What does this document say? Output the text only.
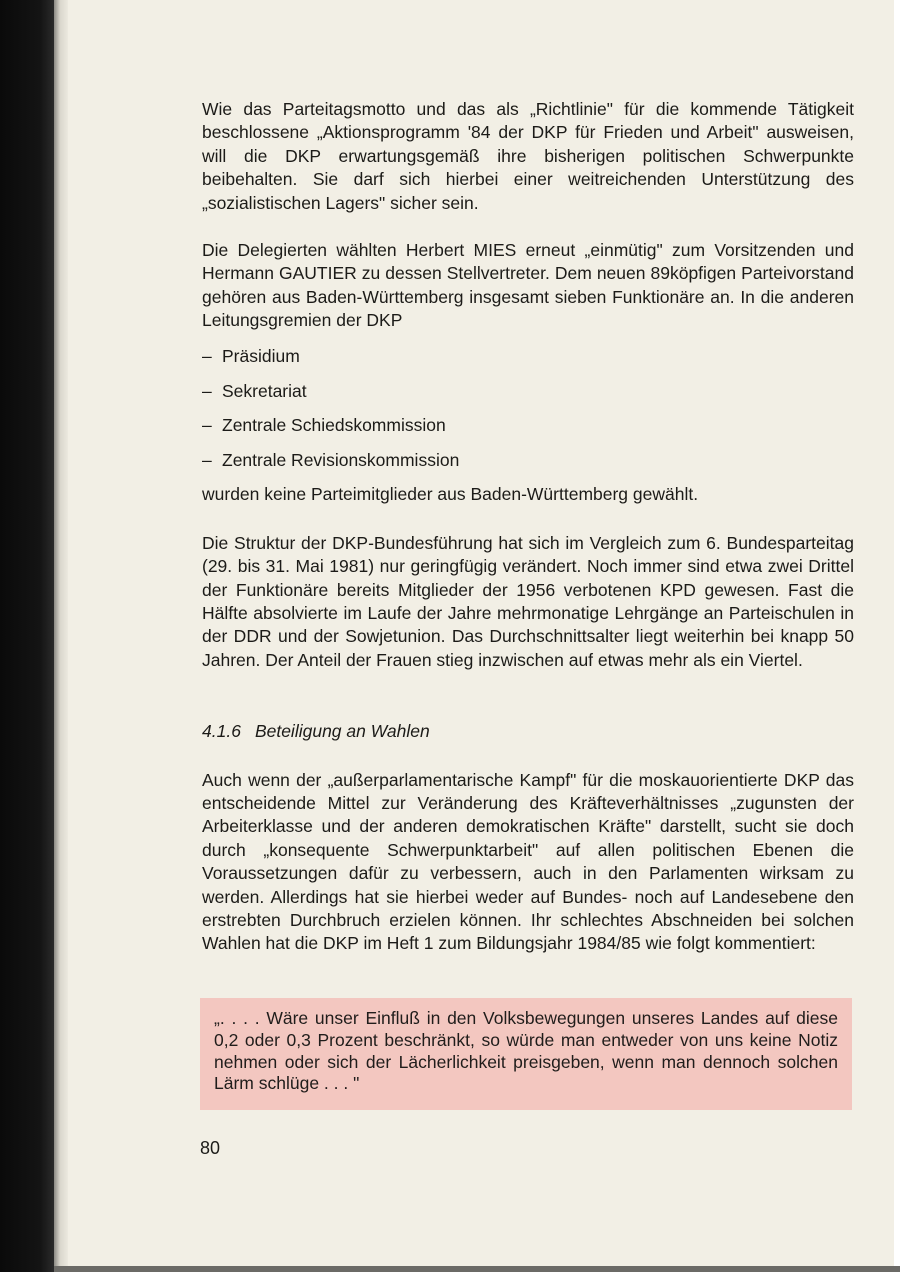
Wie das Parteitagsmotto und das als „Richtlinie" für die kommende Tätigkeit beschlossene „Aktionsprogramm '84 der DKP für Frieden und Arbeit" ausweisen, will die DKP erwartungsgemäß ihre bisherigen politischen Schwerpunkte beibehalten. Sie darf sich hierbei einer weitreichenden Unterstützung des „sozialistischen Lagers" sicher sein.

Die Delegierten wählten Herbert MIES erneut „einmütig" zum Vorsitzenden und Hermann GAUTIER zu dessen Stellvertreter. Dem neuen 89köpfigen Parteivorstand gehören aus Baden-Württemberg insgesamt sieben Funktionäre an. In die anderen Leitungsgremien der DKP

– Präsidium
– Sekretariat
– Zentrale Schiedskommission
– Zentrale Revisionskommission

wurden keine Parteimitglieder aus Baden-Württemberg gewählt.

Die Struktur der DKP-Bundesführung hat sich im Vergleich zum 6. Bundesparteitag (29. bis 31. Mai 1981) nur geringfügig verändert. Noch immer sind etwa zwei Drittel der Funktionäre bereits Mitglieder der 1956 verbotenen KPD gewesen. Fast die Hälfte absolvierte im Laufe der Jahre mehrmonatige Lehrgänge an Parteischulen in der DDR und der Sowjetunion. Das Durchschnittsalter liegt weiterhin bei knapp 50 Jahren. Der Anteil der Frauen stieg inzwischen auf etwas mehr als ein Viertel.

4.1.6 Beteiligung an Wahlen

Auch wenn der „außerparlamentarische Kampf" für die moskauorientierte DKP das entscheidende Mittel zur Veränderung des Kräfteverhältnisses „zugunsten der Arbeiterklasse und der anderen demokratischen Kräfte" darstellt, sucht sie doch durch „konsequente Schwerpunktarbeit" auf allen politischen Ebenen die Voraussetzungen dafür zu verbessern, auch in den Parlamenten wirksam zu werden. Allerdings hat sie hierbei weder auf Bundes- noch auf Landesebene den erstrebten Durchbruch erzielen können. Ihr schlechtes Abschneiden bei solchen Wahlen hat die DKP im Heft 1 zum Bildungsjahr 1984/85 wie folgt kommentiert:

„. . . . Wäre unser Einfluß in den Volksbewegungen unseres Landes auf diese 0,2 oder 0,3 Prozent beschränkt, so würde man entweder von uns keine Notiz nehmen oder sich der Lächerlichkeit preisgeben, wenn man dennoch solchen Lärm schlüge . . . "
80
